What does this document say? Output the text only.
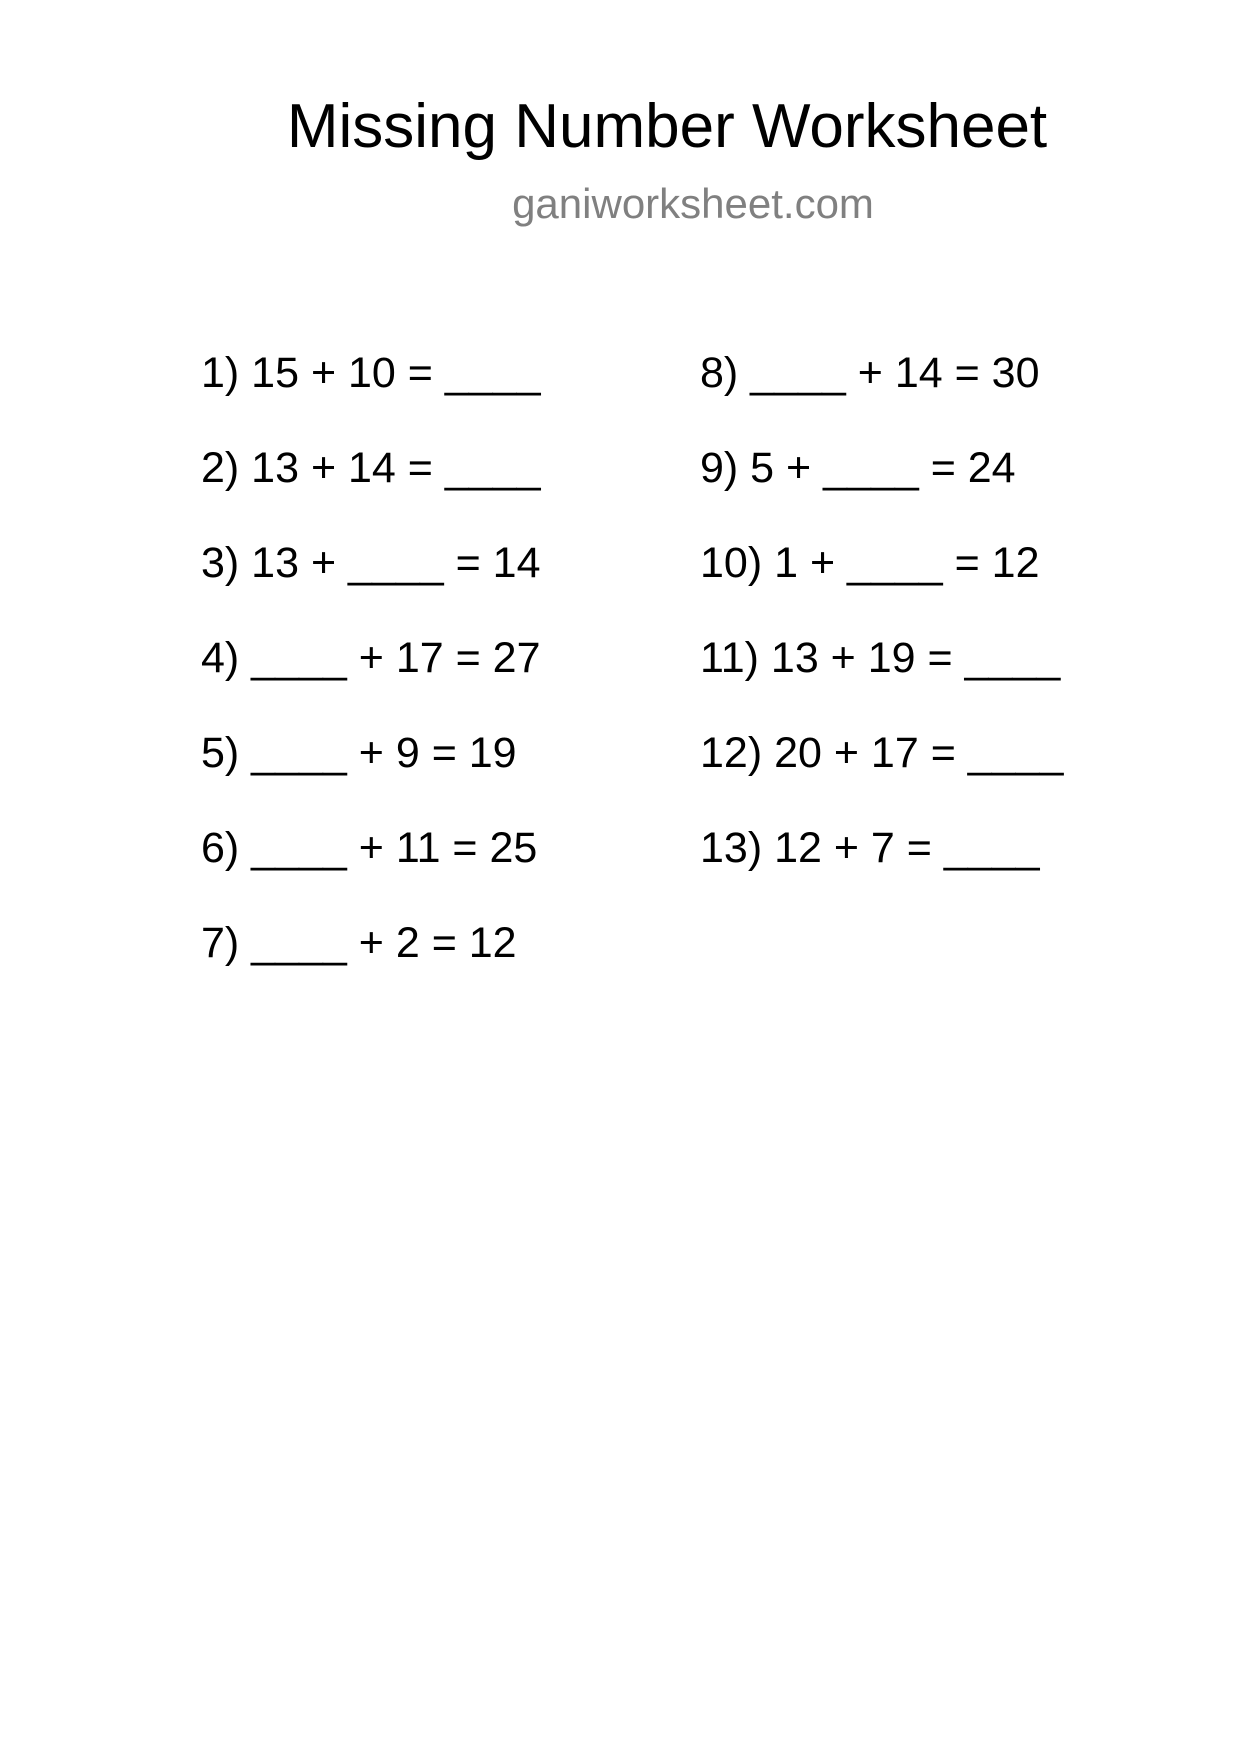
Missing Number Worksheet
ganiworksheet.com
1) 15 + 10 = ____
2) 13 + 14 = ____
3) 13 + ____ = 14
4) ____ + 17 = 27
5) ____ + 9 = 19
6) ____ + 11 = 25
7) ____ + 2 = 12
8) ____ + 14 = 30
9) 5 + ____ = 24
10) 1 + ____ = 12
11) 13 + 19 = ____
12) 20 + 17 = ____
13) 12 + 7 = ____
